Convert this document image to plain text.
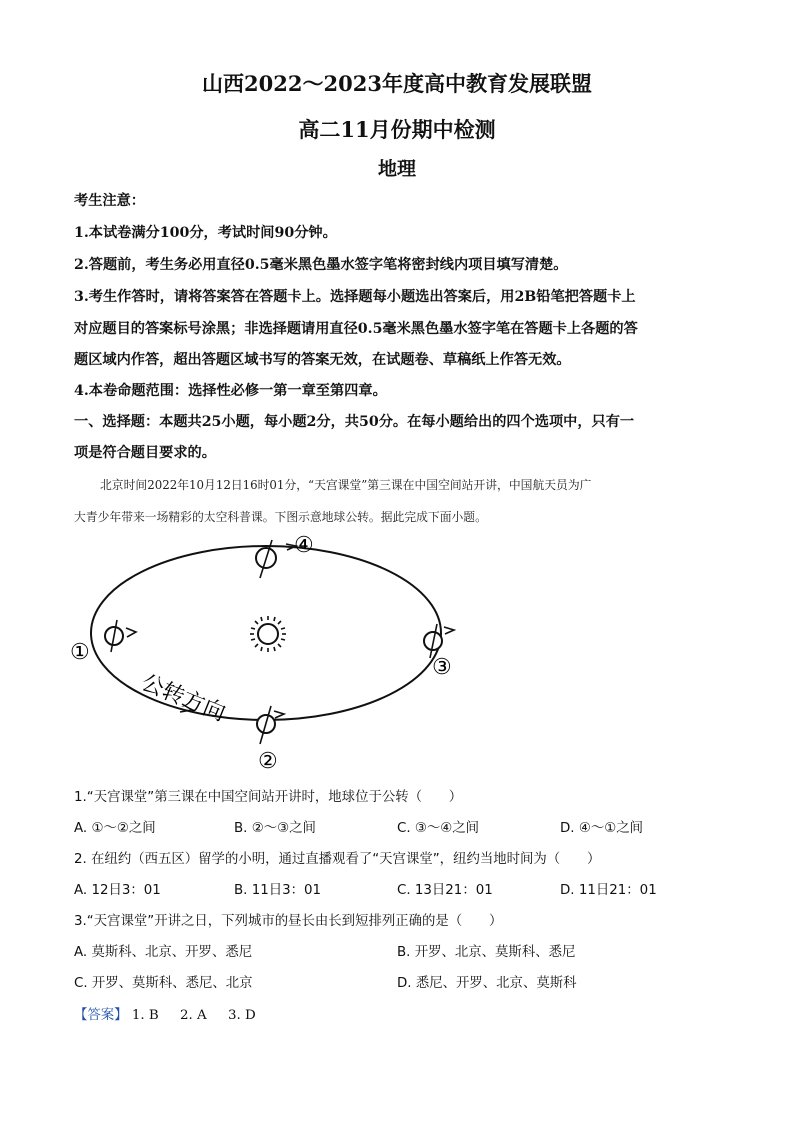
山西2022～2023年度高中教育发展联盟
高二11月份期中检测
地理
考生注意：
1.本试卷满分100分，考试时间90分钟。
2.答题前，考生务必用直径0.5毫米黑色墨水签字笔将密封线内项目填写清楚。
3.考生作答时，请将答案答在答题卡上。选择题每小题选出答案后，用2B铅笔把答题卡上
对应题目的答案标号涂黑；非选择题请用直径0.5毫米黑色墨水签字笔在答题卡上各题的答
题区域内作答，超出答题区域书写的答案无效，在试题卷、草稿纸上作答无效。
4.本卷命题范围：选择性必修一第一章至第四章。
一、选择题：本题共25小题，每小题2分，共50分。在每小题给出的四个选项中，只有一
项是符合题目要求的。
北京时间2022年10月12日16时01分，“天宫课堂”第三课在中国空间站开讲，中国航天员为广
大青少年带来一场精彩的太空科普课。下图示意地球公转。据此完成下面小题。
④
①
③
②
公转方向
1.“天宫课堂”第三课在中国空间站开讲时，地球位于公转（　　）
A. ①～②之间	B. ②～③之间	C. ③～④之间	D. ④～①之间
2. 在纽约（西五区）留学的小明，通过直播观看了“天宫课堂”，纽约当地时间为（　　）
A. 12日3：01	B. 11日3：01	C. 13日21：01	D. 11日21：01
3.“天宫课堂”开讲之日，下列城市的昼长由长到短排列正确的是（　　）
A. 莫斯科、北京、开罗、悉尼	B. 开罗、北京、莫斯科、悉尼
C. 开罗、莫斯科、悉尼、北京	D. 悉尼、开罗、北京、莫斯科
【答案】 1. B 2. A 3. D
